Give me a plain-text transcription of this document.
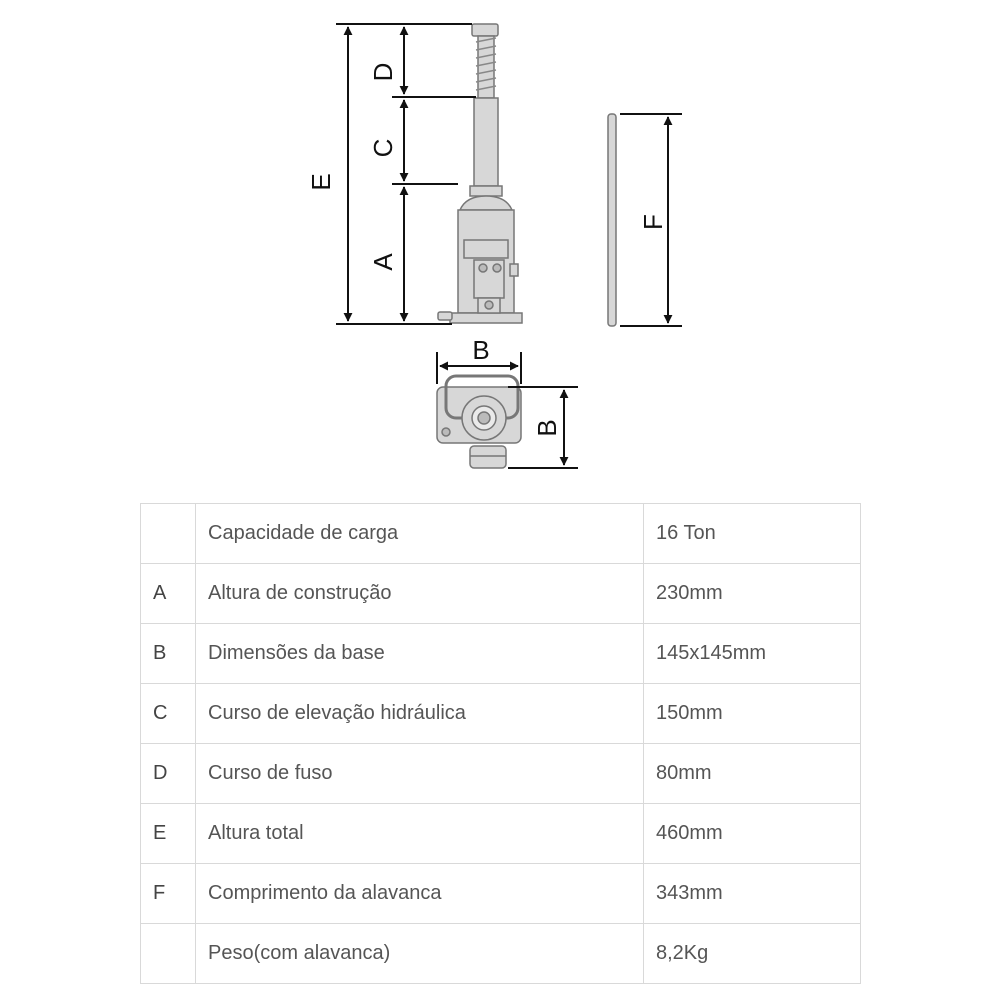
E
D
C
A
F
B
B
	Capacidade de carga	16 Ton
A	Altura de construção	230mm
B	Dimensões da base	145x145mm
C	Curso de elevação hidráulica	150mm
D	Curso de fuso	80mm
E	Altura total	460mm
F	Comprimento da alavanca	343mm
	Peso(com alavanca)	8,2Kg
